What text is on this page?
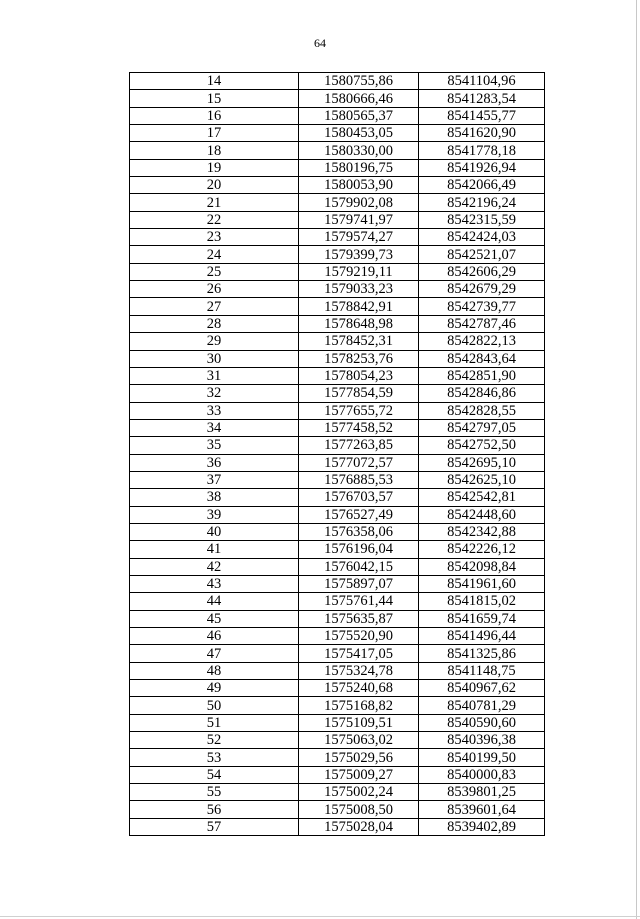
64
14	1580755,86	8541104,96
15	1580666,46	8541283,54
16	1580565,37	8541455,77
17	1580453,05	8541620,90
18	1580330,00	8541778,18
19	1580196,75	8541926,94
20	1580053,90	8542066,49
21	1579902,08	8542196,24
22	1579741,97	8542315,59
23	1579574,27	8542424,03
24	1579399,73	8542521,07
25	1579219,11	8542606,29
26	1579033,23	8542679,29
27	1578842,91	8542739,77
28	1578648,98	8542787,46
29	1578452,31	8542822,13
30	1578253,76	8542843,64
31	1578054,23	8542851,90
32	1577854,59	8542846,86
33	1577655,72	8542828,55
34	1577458,52	8542797,05
35	1577263,85	8542752,50
36	1577072,57	8542695,10
37	1576885,53	8542625,10
38	1576703,57	8542542,81
39	1576527,49	8542448,60
40	1576358,06	8542342,88
41	1576196,04	8542226,12
42	1576042,15	8542098,84
43	1575897,07	8541961,60
44	1575761,44	8541815,02
45	1575635,87	8541659,74
46	1575520,90	8541496,44
47	1575417,05	8541325,86
48	1575324,78	8541148,75
49	1575240,68	8540967,62
50	1575168,82	8540781,29
51	1575109,51	8540590,60
52	1575063,02	8540396,38
53	1575029,56	8540199,50
54	1575009,27	8540000,83
55	1575002,24	8539801,25
56	1575008,50	8539601,64
57	1575028,04	8539402,89
